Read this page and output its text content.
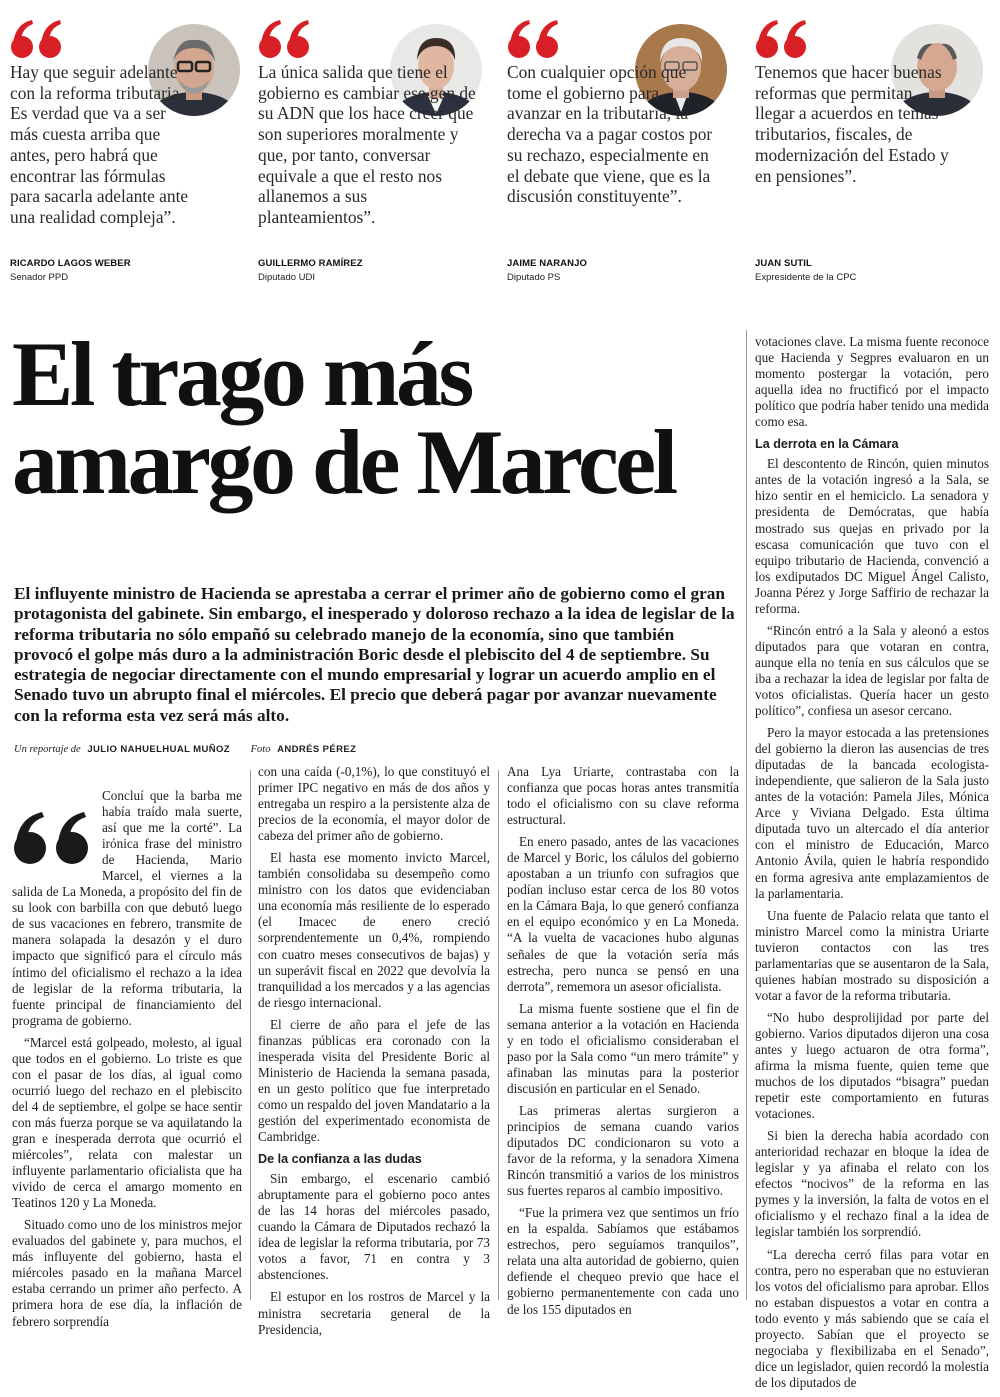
Hay que seguir adelante con la reforma tributaria. Es verdad que va a ser más cuesta arriba que antes, pero habrá que encontrar las fórmulas para sacarla adelante ante una realidad compleja”.
RICARDO LAGOS WEBER
Senador PPD
La única salida que tiene el gobierno es cambiar ese gen de su ADN que los hace creer que son superiores moralmente y que, por tanto, conversar equivale a que el resto nos allanemos a sus planteamientos”.
GUILLERMO RAMÍREZ
Diputado UDI
Con cualquier opción que tome el gobierno para avanzar en la tributaria, la derecha va a pagar costos por su rechazo, especialmente en el debate que viene, que es la discusión constituyente”.
JAIME NARANJO
Diputado PS
Tenemos que hacer buenas reformas que permitan llegar a acuerdos en temas tributarios, fiscales, de modernización del Estado y en pensiones”.
JUAN SUTIL
Expresidente de la CPC
El trago más
amargo de Marcel

El influyente ministro de Hacienda se aprestaba a cerrar el primer año de gobierno como el gran protagonista del gabinete. Sin embargo, el inesperado y doloroso rechazo a la idea de legislar de la reforma tributaria no sólo empañó su celebrado manejo de la economía, sino que también provocó el golpe más duro a la administración Boric desde el plebiscito del 4 de septiembre. Su estrategia de negociar directamente con el mundo empresarial y lograr un acuerdo amplio en el Senado tuvo un abrupto final el miércoles. El precio que deberá pagar por avanzar nuevamente con la reforma esta vez será más alto.

Un reportaje de JULIO NAHUELHUAL MUÑOZ Foto ANDRÉS PÉREZ

Concluí que la barba me había traído mala suerte, así que me la corté”. La irónica frase del ministro de Hacienda, Mario Marcel, el viernes a la salida de La Moneda, a propósito del fin de su look con barbilla con que debutó luego de sus vacaciones en febrero, transmite de manera solapada la desazón y el duro impacto que significó para el círculo más íntimo del oficialismo el rechazo a la idea de legislar de la reforma tributaria, la fuente principal de financiamiento del programa de gobierno.

“Marcel está golpeado, molesto, al igual que todos en el gobierno. Lo triste es que con el pasar de los días, al igual como ocurrió luego del rechazo en el plebiscito del 4 de septiembre, el golpe se hace sentir con más fuerza porque se va aquilatando la gran e inesperada derrota que ocurrió el miércoles”, relata con malestar un influyente parlamentario oficialista que ha vivido de cerca el amargo momento en Teatinos 120 y La Moneda.

Situado como uno de los ministros mejor evaluados del gabinete y, para muchos, el más influyente del gobierno, hasta el miércoles pasado en la mañana Marcel estaba cerrando un primer año perfecto. A primera hora de ese día, la inflación de febrero sorprendía

con una caída (-0,1%), lo que constituyó el primer IPC negativo en más de dos años y entregaba un respiro a la persistente alza de precios de la economía, el mayor dolor de cabeza del primer año de gobierno.

El hasta ese momento invicto Marcel, también consolidaba su desempeño como ministro con los datos que evidenciaban una economía más resiliente de lo esperado (el Imacec de enero creció sorprendentemente un 0,4%, rompiendo con cuatro meses consecutivos de bajas) y un superávit fiscal en 2022 que devolvía la tranquilidad a los mercados y a las agencias de riesgo internacional.

El cierre de año para el jefe de las finanzas públicas era coronado con la inesperada visita del Presidente Boric al Ministerio de Hacienda la semana pasada, en un gesto político que fue interpretado como un respaldo del joven Mandatario a la gestión del experimentado economista de Cambridge.

De la confianza a las dudas

Sin embargo, el escenario cambió abruptamente para el gobierno poco antes de las 14 horas del miércoles pasado, cuando la Cámara de Diputados rechazó la idea de legislar la reforma tributaria, por 73 votos a favor, 71 en contra y 3 abstenciones.

El estupor en los rostros de Marcel y la ministra secretaria general de la Presidencia,

Ana Lya Uriarte, contrastaba con la confianza que pocas horas antes transmitía todo el oficialismo con su clave reforma estructural.

En enero pasado, antes de las vacaciones de Marcel y Boric, los cálulos del gobierno apostaban a un triunfo con sufragios que podían incluso estar cerca de los 80 votos en la Cámara Baja, lo que generó confianza en el equipo económico y en La Moneda. “A la vuelta de vacaciones hubo algunas señales de que la votación sería más estrecha, pero nunca se pensó en una derrota”, rememora un asesor oficialista.

La misma fuente sostiene que el fin de semana anterior a la votación en Hacienda y en todo el oficialismo consideraban el paso por la Sala como “un mero trámite” y afinaban las minutas para la posterior discusión en particular en el Senado.

Las primeras alertas surgieron a principios de semana cuando varios diputados DC condicionaron su voto a favor de la reforma, y la senadora Ximena Rincón transmitió a varios de los ministros sus fuertes reparos al cambio impositivo.

“Fue la primera vez que sentimos un frío en la espalda. Sabíamos que estábamos estrechos, pero seguíamos tranquilos”, relata una alta autoridad de gobierno, quien defiende el chequeo previo que hace el gobierno permanentemente con cada uno de los 155 diputados en

votaciones clave. La misma fuente reconoce que Hacienda y Segpres evaluaron en un momento postergar la votación, pero aquella idea no fructificó por el impacto político que podría haber tenido una medida como esa.

La derrota en la Cámara

El descontento de Rincón, quien minutos antes de la votación ingresó a la Sala, se hizo sentir en el hemiciclo. La senadora y presidenta de Demócratas, que había mostrado sus quejas en privado por la escasa comunicación que tuvo con el equipo tributario de Hacienda, convenció a los exdiputados DC Miguel Ángel Calisto, Joanna Pérez y Jorge Saffirio de rechazar la reforma.

“Rincón entró a la Sala y aleonó a estos diputados para que votaran en contra, aunque ella no tenía en sus cálculos que se iba a rechazar la idea de legislar por falta de votos oficialistas. Quería hacer un gesto político”, confiesa un asesor cercano.

Pero la mayor estocada a las pretensiones del gobierno la dieron las ausencias de tres diputadas de la bancada ecologista-independiente, que salieron de la Sala justo antes de la votación: Pamela Jiles, Mónica Arce y Viviana Delgado. Esta última diputada tuvo un altercado el día anterior con el ministro de Educación, Marco Antonio Ávila, quien le habría respondido en forma agresiva ante emplazamientos de la parlamentaria.

Una fuente de Palacio relata que tanto el ministro Marcel como la ministra Uriarte tuvieron contactos con las tres parlamentarias que se ausentaron de la Sala, quienes habían mostrado su disposición a votar a favor de la reforma tributaria.

“No hubo desprolijidad por parte del gobierno. Varios diputados dijeron una cosa antes y luego actuaron de otra forma”, afirma la misma fuente, quien teme que muchos de los diputados “bisagra” puedan repetir este comportamiento en futuras votaciones.

Si bien la derecha había acordado con anterioridad rechazar en bloque la idea de legislar y ya afinaba el relato con los efectos “nocivos” de la reforma en las pymes y la inversión, la falta de votos en el oficialismo y el rechazo final a la idea de legislar también los sorprendió.

“La derecha cerró filas para votar en contra, pero no esperaban que no estuvieran los votos del oficialismo para aprobar. Ellos no estaban dispuestos a votar en contra a todo evento y más sabiendo que se caía el proyecto. Sabían que el proyecto se negociaba y flexibilizaba en el Senado”, dice un legislador, quien recordó la molestia de los diputados de
